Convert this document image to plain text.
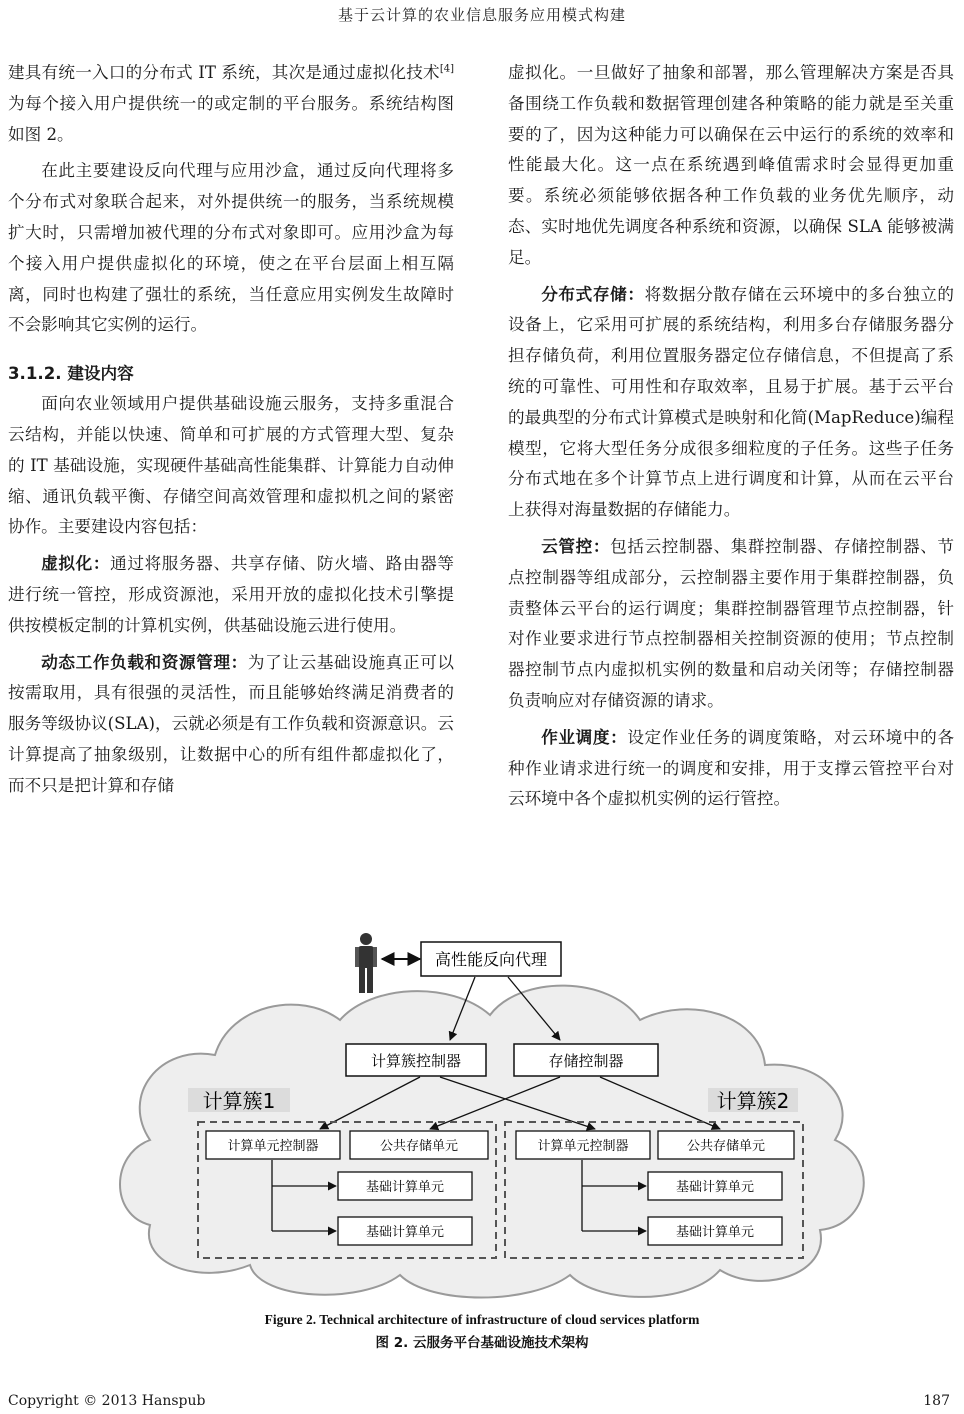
基于云计算的农业信息服务应用模式构建

建具有统一入口的分布式 IT 系统，其次是通过虚拟化技术[4]为每个接入用户提供统一的或定制的平台服务。系统结构图如图 2。

在此主要建设反向代理与应用沙盒，通过反向代理将多个分布式对象联合起来，对外提供统一的服务，当系统规模扩大时，只需增加被代理的分布式对象即可。应用沙盒为每个接入用户提供虚拟化的环境，使之在平台层面上相互隔离，同时也构建了强壮的系统，当任意应用实例发生故障时不会影响其它实例的运行。

3.1.2. 建设内容

面向农业领域用户提供基础设施云服务，支持多重混合云结构，并能以快速、简单和可扩展的方式管理大型、复杂的 IT 基础设施，实现硬件基础高性能集群、计算能力自动伸缩、通讯负载平衡、存储空间高效管理和虚拟机之间的紧密协作。主要建设内容包括：

虚拟化：通过将服务器、共享存储、防火墙、路由器等进行统一管控，形成资源池，采用开放的虚拟化技术引擎提供按模板定制的计算机实例，供基础设施云进行使用。

动态工作负载和资源管理：为了让云基础设施真正可以按需取用，具有很强的灵活性，而且能够始终满足消费者的服务等级协议(SLA)，云就必须是有工作负载和资源意识。云计算提高了抽象级别，让数据中心的所有组件都虚拟化了，而不只是把计算和存储

虚拟化。一旦做好了抽象和部署，那么管理解决方案是否具备围绕工作负载和数据管理创建各种策略的能力就是至关重要的了，因为这种能力可以确保在云中运行的系统的效率和性能最大化。这一点在系统遇到峰值需求时会显得更加重要。系统必须能够依据各种工作负载的业务优先顺序，动态、实时地优先调度各种系统和资源，以确保 SLA 能够被满足。

分布式存储：将数据分散存储在云环境中的多台独立的设备上，它采用可扩展的系统结构，利用多台存储服务器分担存储负荷，利用位置服务器定位存储信息，不但提高了系统的可靠性、可用性和存取效率，且易于扩展。基于云平台的最典型的分布式计算模式是映射和化简(MapReduce)编程模型，它将大型任务分成很多细粒度的子任务。这些子任务分布式地在多个计算节点上进行调度和计算，从而在云平台上获得对海量数据的存储能力。

云管控：包括云控制器、集群控制器、存储控制器、节点控制器等组成部分，云控制器主要作用于集群控制器，负责整体云平台的运行调度；集群控制器管理节点控制器，针对作业要求进行节点控制器相关控制资源的使用；节点控制器控制节点内虚拟机实例的数量和启动关闭等；存储控制器负责响应对存储资源的请求。

作业调度：设定作业任务的调度策略，对云环境中的各种作业请求进行统一的调度和安排，用于支撑云管控平台对云环境中各个虚拟机实例的运行管控。

高性能反向代理
计算簇控制器	存储控制器
计算簇1	计算簇2
计算单元控制器	公共存储单元
基础计算单元
基础计算单元
计算单元控制器	公共存储单元
基础计算单元
基础计算单元
Figure 2. Technical architecture of infrastructure of cloud services platform
图 2. 云服务平台基础设施技术架构
Copyright © 2013 Hanspub	187
